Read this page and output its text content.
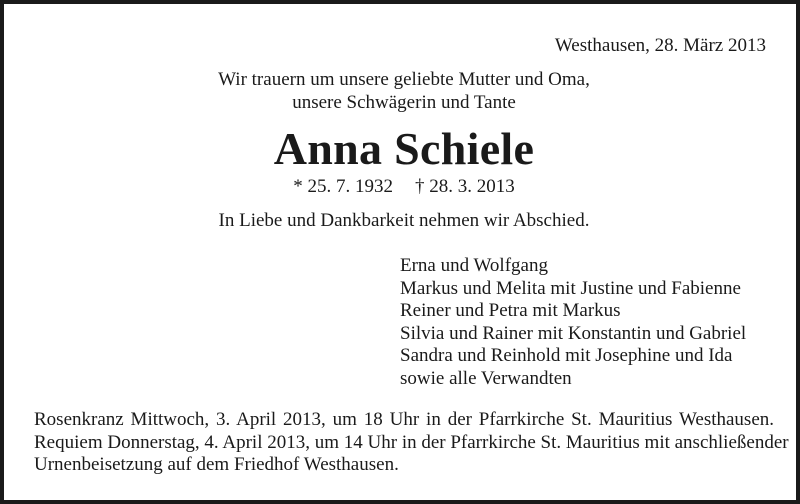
Westhausen, 28. März 2013
Wir trauern um unsere geliebte Mutter und Oma,
unsere Schwägerin und Tante
Anna Schiele
* 25. 7. 1932 † 28. 3. 2013
In Liebe und Dankbarkeit nehmen wir Abschied.
Erna und Wolfgang
Markus und Melita mit Justine und Fabienne
Reiner und Petra mit Markus
Silvia und Rainer mit Konstantin und Gabriel
Sandra und Reinhold mit Josephine und Ida
sowie alle Verwandten
Rosenkranz Mittwoch, 3. April 2013, um 18 Uhr in der Pfarrkirche St. Mauritius Westhausen.
Requiem Donnerstag, 4. April 2013, um 14 Uhr in der Pfarrkirche St. Mauritius mit anschließender
Urnenbeisetzung auf dem Friedhof Westhausen.
